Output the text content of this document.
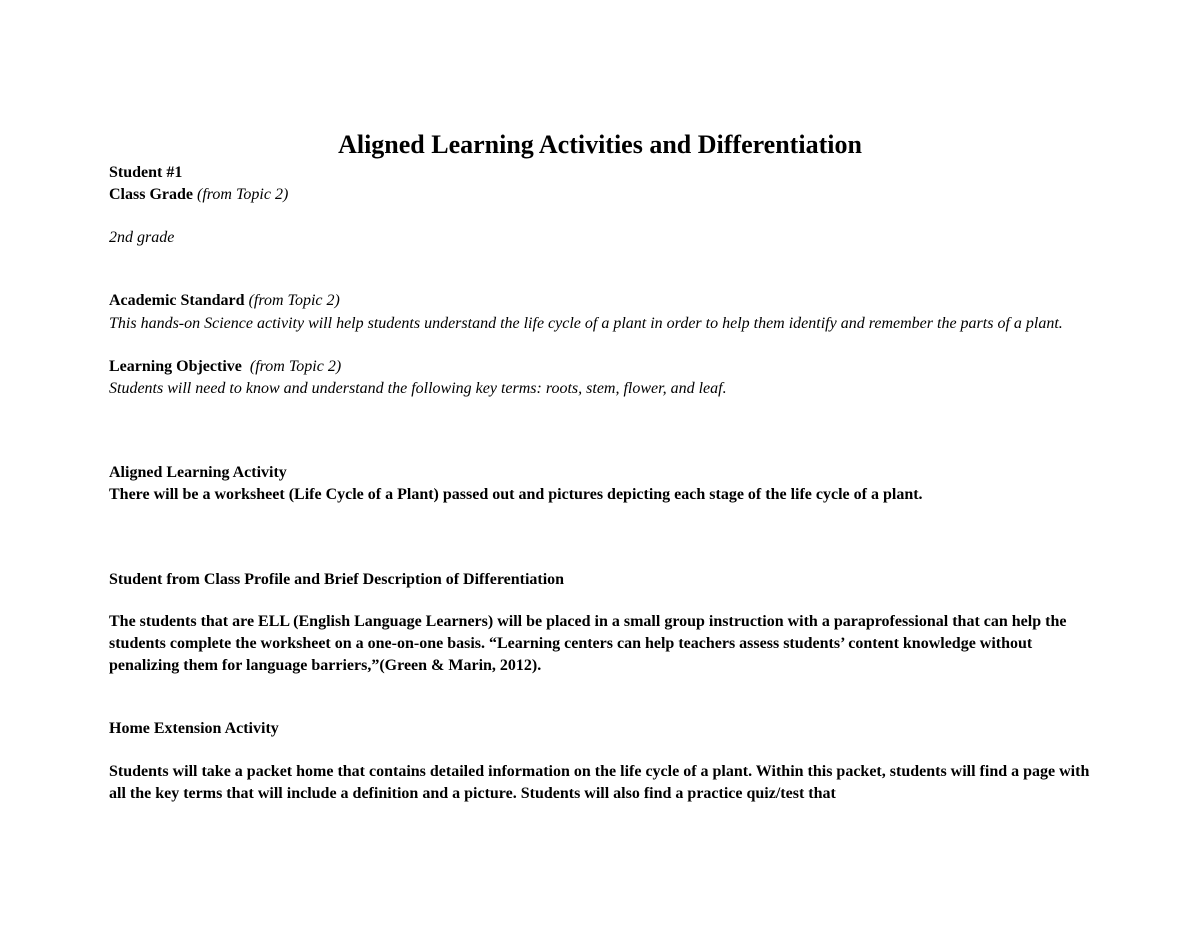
Aligned Learning Activities and Differentiation

Student #1

Class Grade (from Topic 2)

2nd grade

Academic Standard (from Topic 2)

This hands-on Science activity will help students understand the life cycle of a plant in order to help them identify and remember the parts of a plant.

Learning Objective (from Topic 2)

Students will need to know and understand the following key terms: roots, stem, flower, and leaf.

Aligned Learning Activity

There will be a worksheet (Life Cycle of a Plant) passed out and pictures depicting each stage of the life cycle of a plant.

Student from Class Profile and Brief Description of Differentiation

The students that are ELL (English Language Learners) will be placed in a small group instruction with a paraprofessional that can help the students complete the worksheet on a one-on-one basis. “Learning centers can help teachers assess students’ content knowledge without penalizing them for language barriers,”(Green & Marin, 2012).

Home Extension Activity

Students will take a packet home that contains detailed information on the life cycle of a plant. Within this packet, students will find a page with all the key terms that will include a definition and a picture. Students will also find a practice quiz/test that
